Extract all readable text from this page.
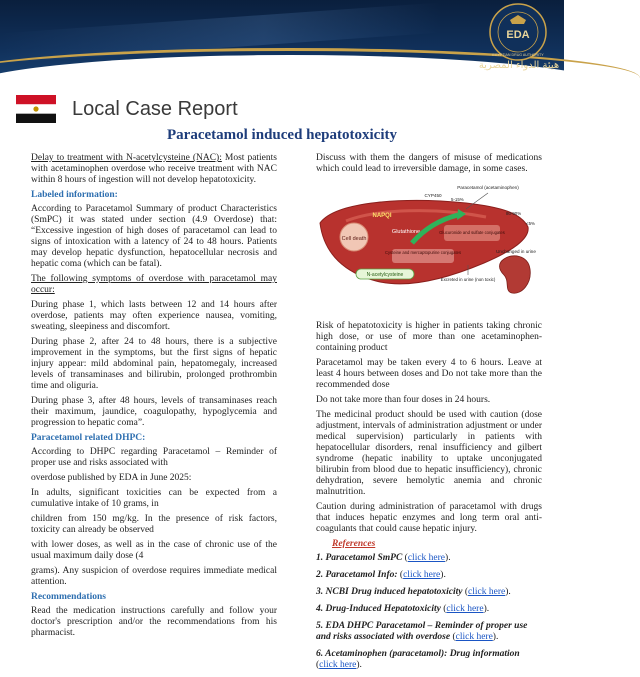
EDA
EGYPTIAN DRUG AUTHORITY
هيئة الدواء المصرية
Local Case Report
Paracetamol induced hepatotoxicity

Delay to treatment with N-acetylcysteine (NAC): Most patients with acetaminophen overdose who receive treatment with NAC within 8 hours of ingestion will not develop hepatotoxicity.

Labeled information:

According to Paracetamol Summary of product Characteristics (SmPC) it was stated under section (4.9 Overdose) that: “Excessive ingestion of high doses of paracetamol can lead to signs of intoxication with a latency of 24 to 48 hours. Patients may develop hepatic dysfunction, hepatocellular necrosis and hepatic coma (which can be fatal).

The following symptoms of overdose with paracetamol may occur:

During phase 1, which lasts between 12 and 14 hours after overdose, patients may often experience nausea, vomiting, sweating, sleepiness and discomfort.

During phase 2, after 24 to 48 hours, there is a subjective improvement in the symptoms, but the first signs of hepatic injury appear: mild abdominal pain, hepatomegaly, increased levels of transaminases and bilirubin, prolonged prothrombin time and oliguria.

During phase 3, after 48 hours, levels of transaminases reach their maximum, jaundice, coagulopathy, hypoglycemia and progression to hepatic coma”.

Paracetamol related DHPC:

According to DHPC regarding Paracetamol – Reminder of proper use and risks associated with

overdose published by EDA in June 2025:

In adults, significant toxicities can be expected from a cumulative intake of 10 grams, in

children from 150 mg/kg. In the presence of risk factors, toxicity can already be observed

with lower doses, as well as in the case of chronic use of the usual maximum daily dose (4

grams). Any suspicion of overdose requires immediate medical attention.

Recommendations

Read the medication instructions carefully and follow your doctor's prescription and/or the recommendations from his pharmacist.

Discuss with them the dangers of misuse of medications which could lead to irreversible damage, in some cases.

Cell death
NAPQI
Glutathione
Cysteine and mercaptopurine conjugates
Glucuronide and sulfate conjugates
N-acetylcysteine
Paracetamol (acetaminophen)
CYP450
5-15%
80-90%
<5%
Unchanged in urine
Excreted in urine (non toxic)

Risk of hepatotoxicity is higher in patients taking chronic high dose, or use of more than one acetaminophen-containing product

Paracetamol may be taken every 4 to 6 hours. Leave at least 4 hours between doses and Do not take more than the recommended dose

Do not take more than four doses in 24 hours.

The medicinal product should be used with caution (dose adjustment, intervals of administration adjustment or under medical supervision) particularly in patients with hepatocellular disorders, renal insufficiency and gilbert syndrome (hepatic inability to uptake unconjugated bilirubin from blood due to hepatic insufficiency), chronic dehydration, severe hemolytic anemia and chronic malnutrition.

Caution during administration of paracetamol with drugs that induces hepatic enzymes and long term oral anti-coagulants that could cause hepatic injury.

References
1. Paracetamol SmPC (click here).
2. Paracetamol Info: (click here).
3. NCBI Drug induced hepatotoxicity (click here).
4. Drug-Induced Hepatotoxicity (click here).
5. EDA DHPC Paracetamol – Reminder of proper use and risks associated with overdose (click here).
6. Acetaminophen (paracetamol): Drug information (click here).
